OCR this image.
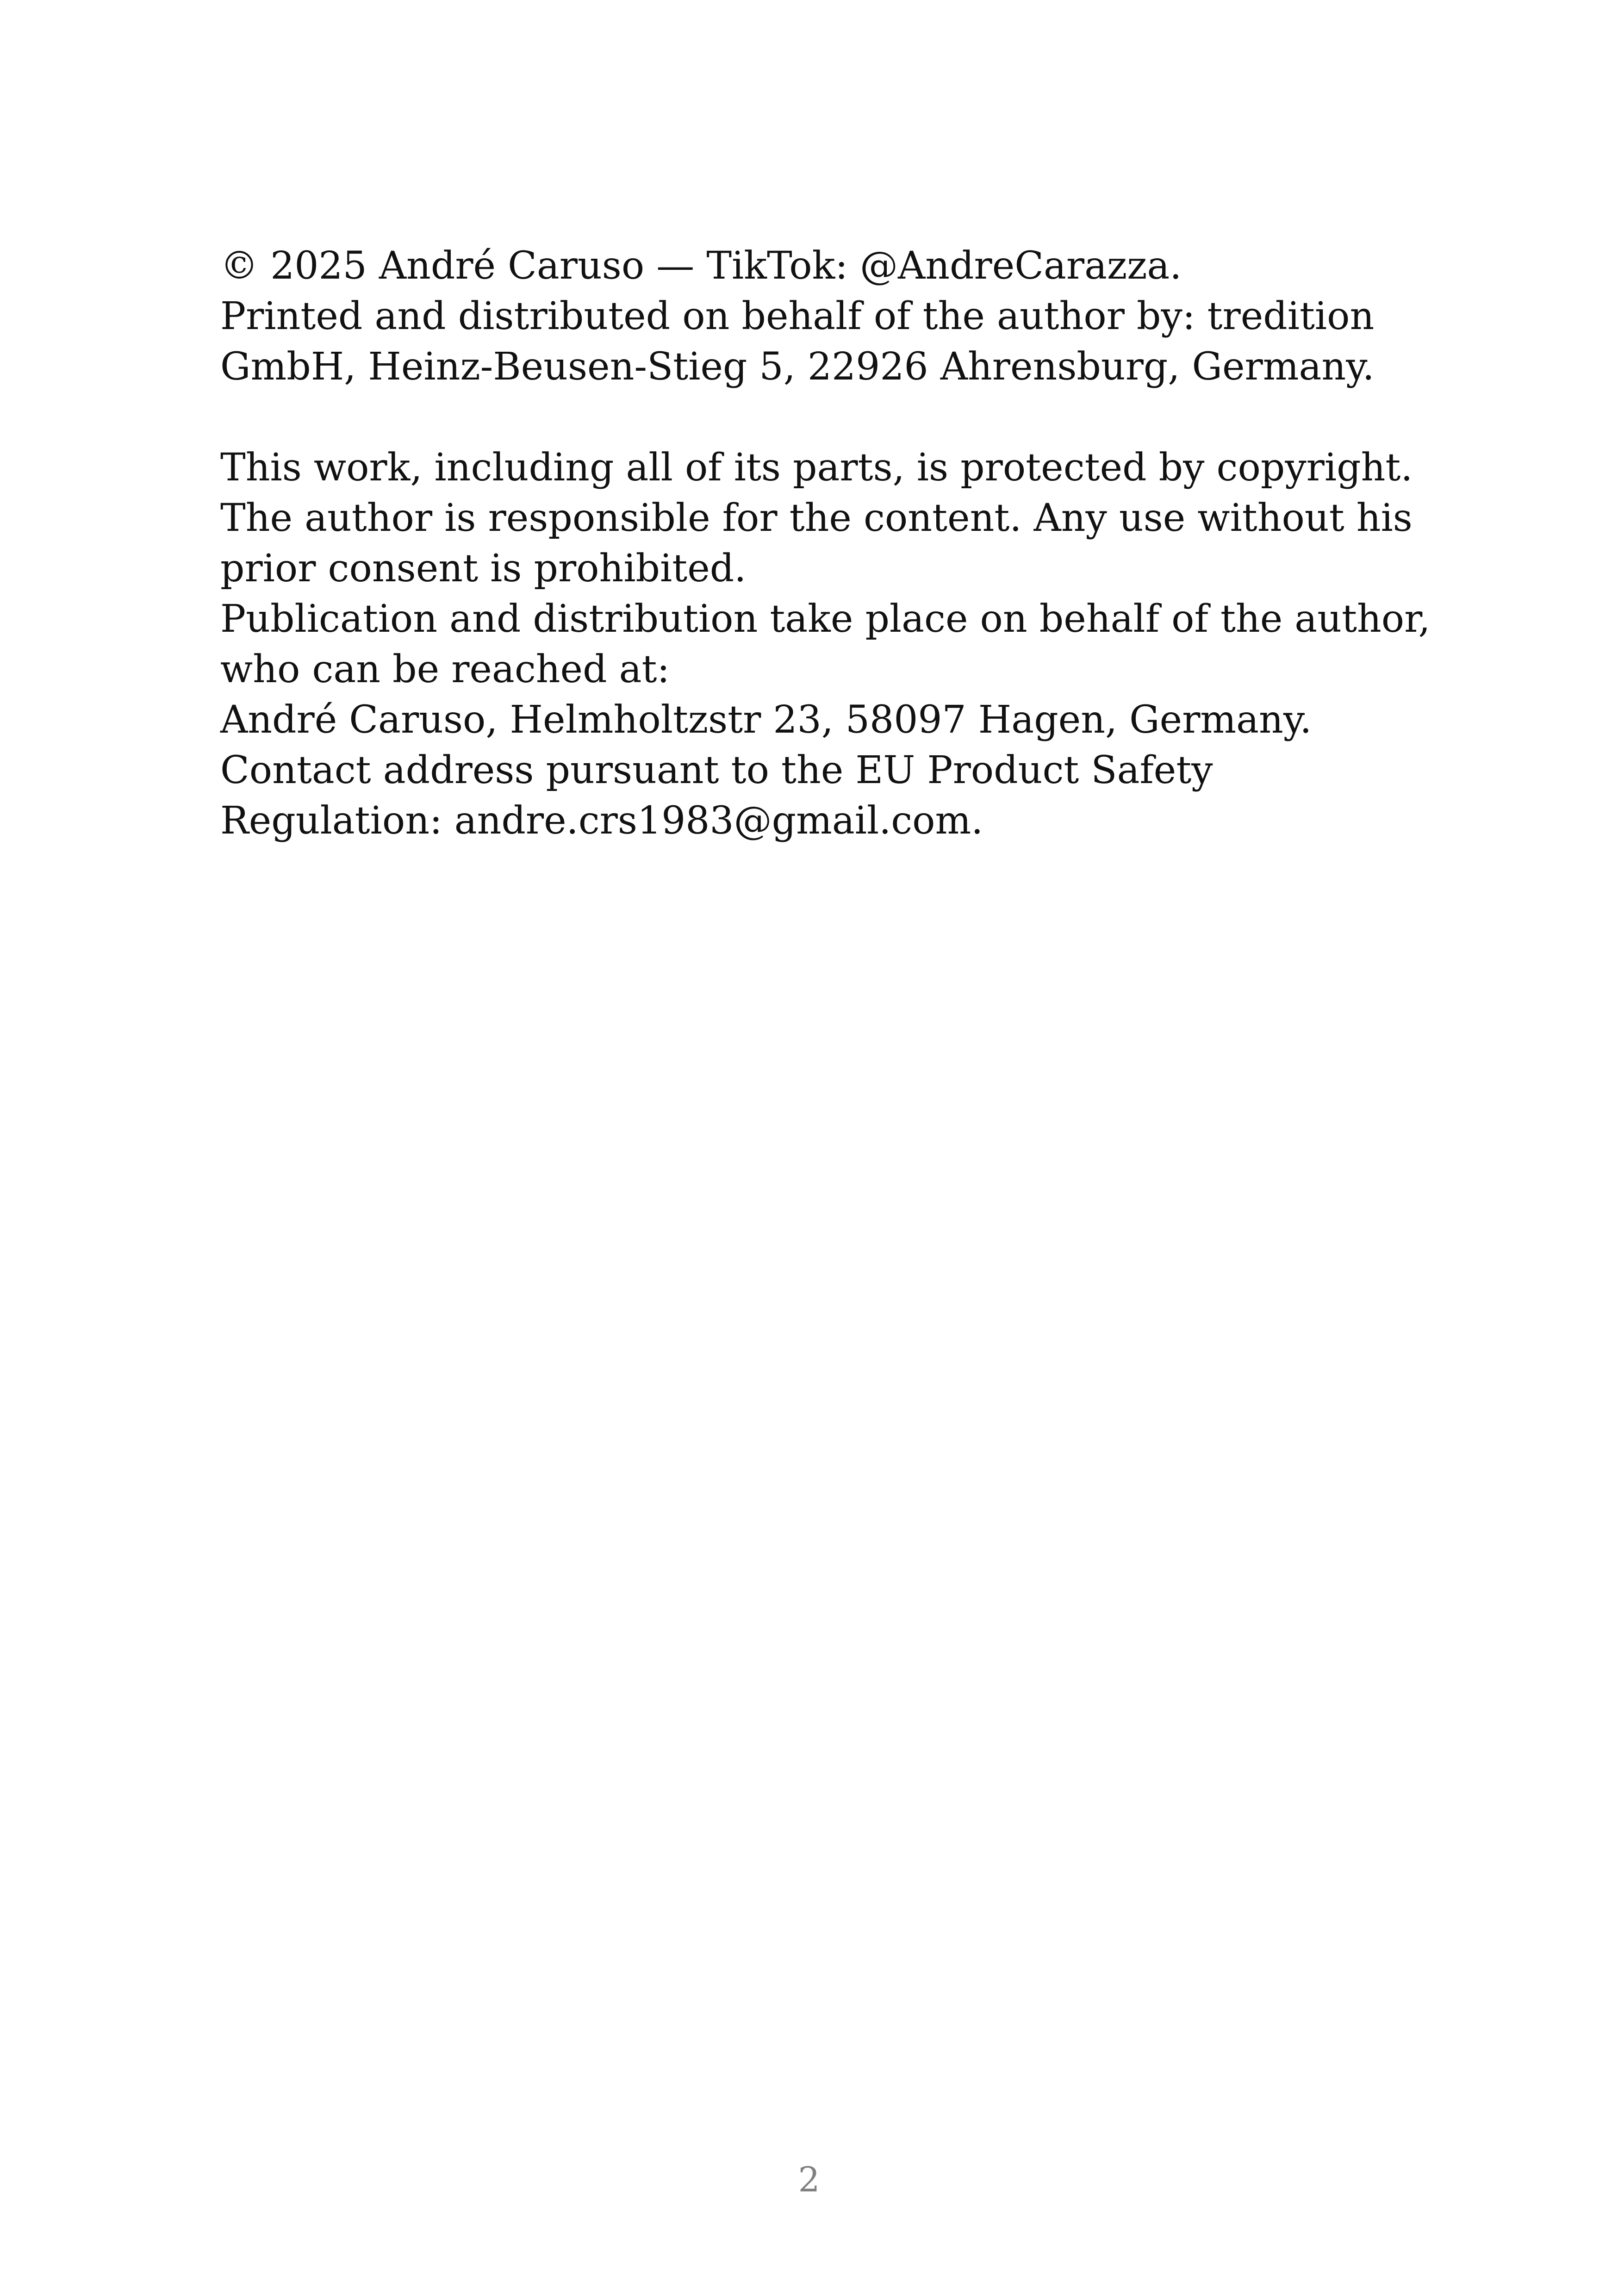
© 2025 André Caruso — TikTok: @AndreCarazza.
Printed and distributed on behalf of the author by: tredition
GmbH, Heinz-Beusen-Stieg 5, 22926 Ahrensburg, Germany.
This work, including all of its parts, is protected by copyright.
The author is responsible for the content. Any use without his
prior consent is prohibited.
Publication and distribution take place on behalf of the author,
who can be reached at:
André Caruso, Helmholtzstr 23, 58097 Hagen, Germany.
Contact address pursuant to the EU Product Safety
Regulation: andre.crs1983@gmail.com.
2
